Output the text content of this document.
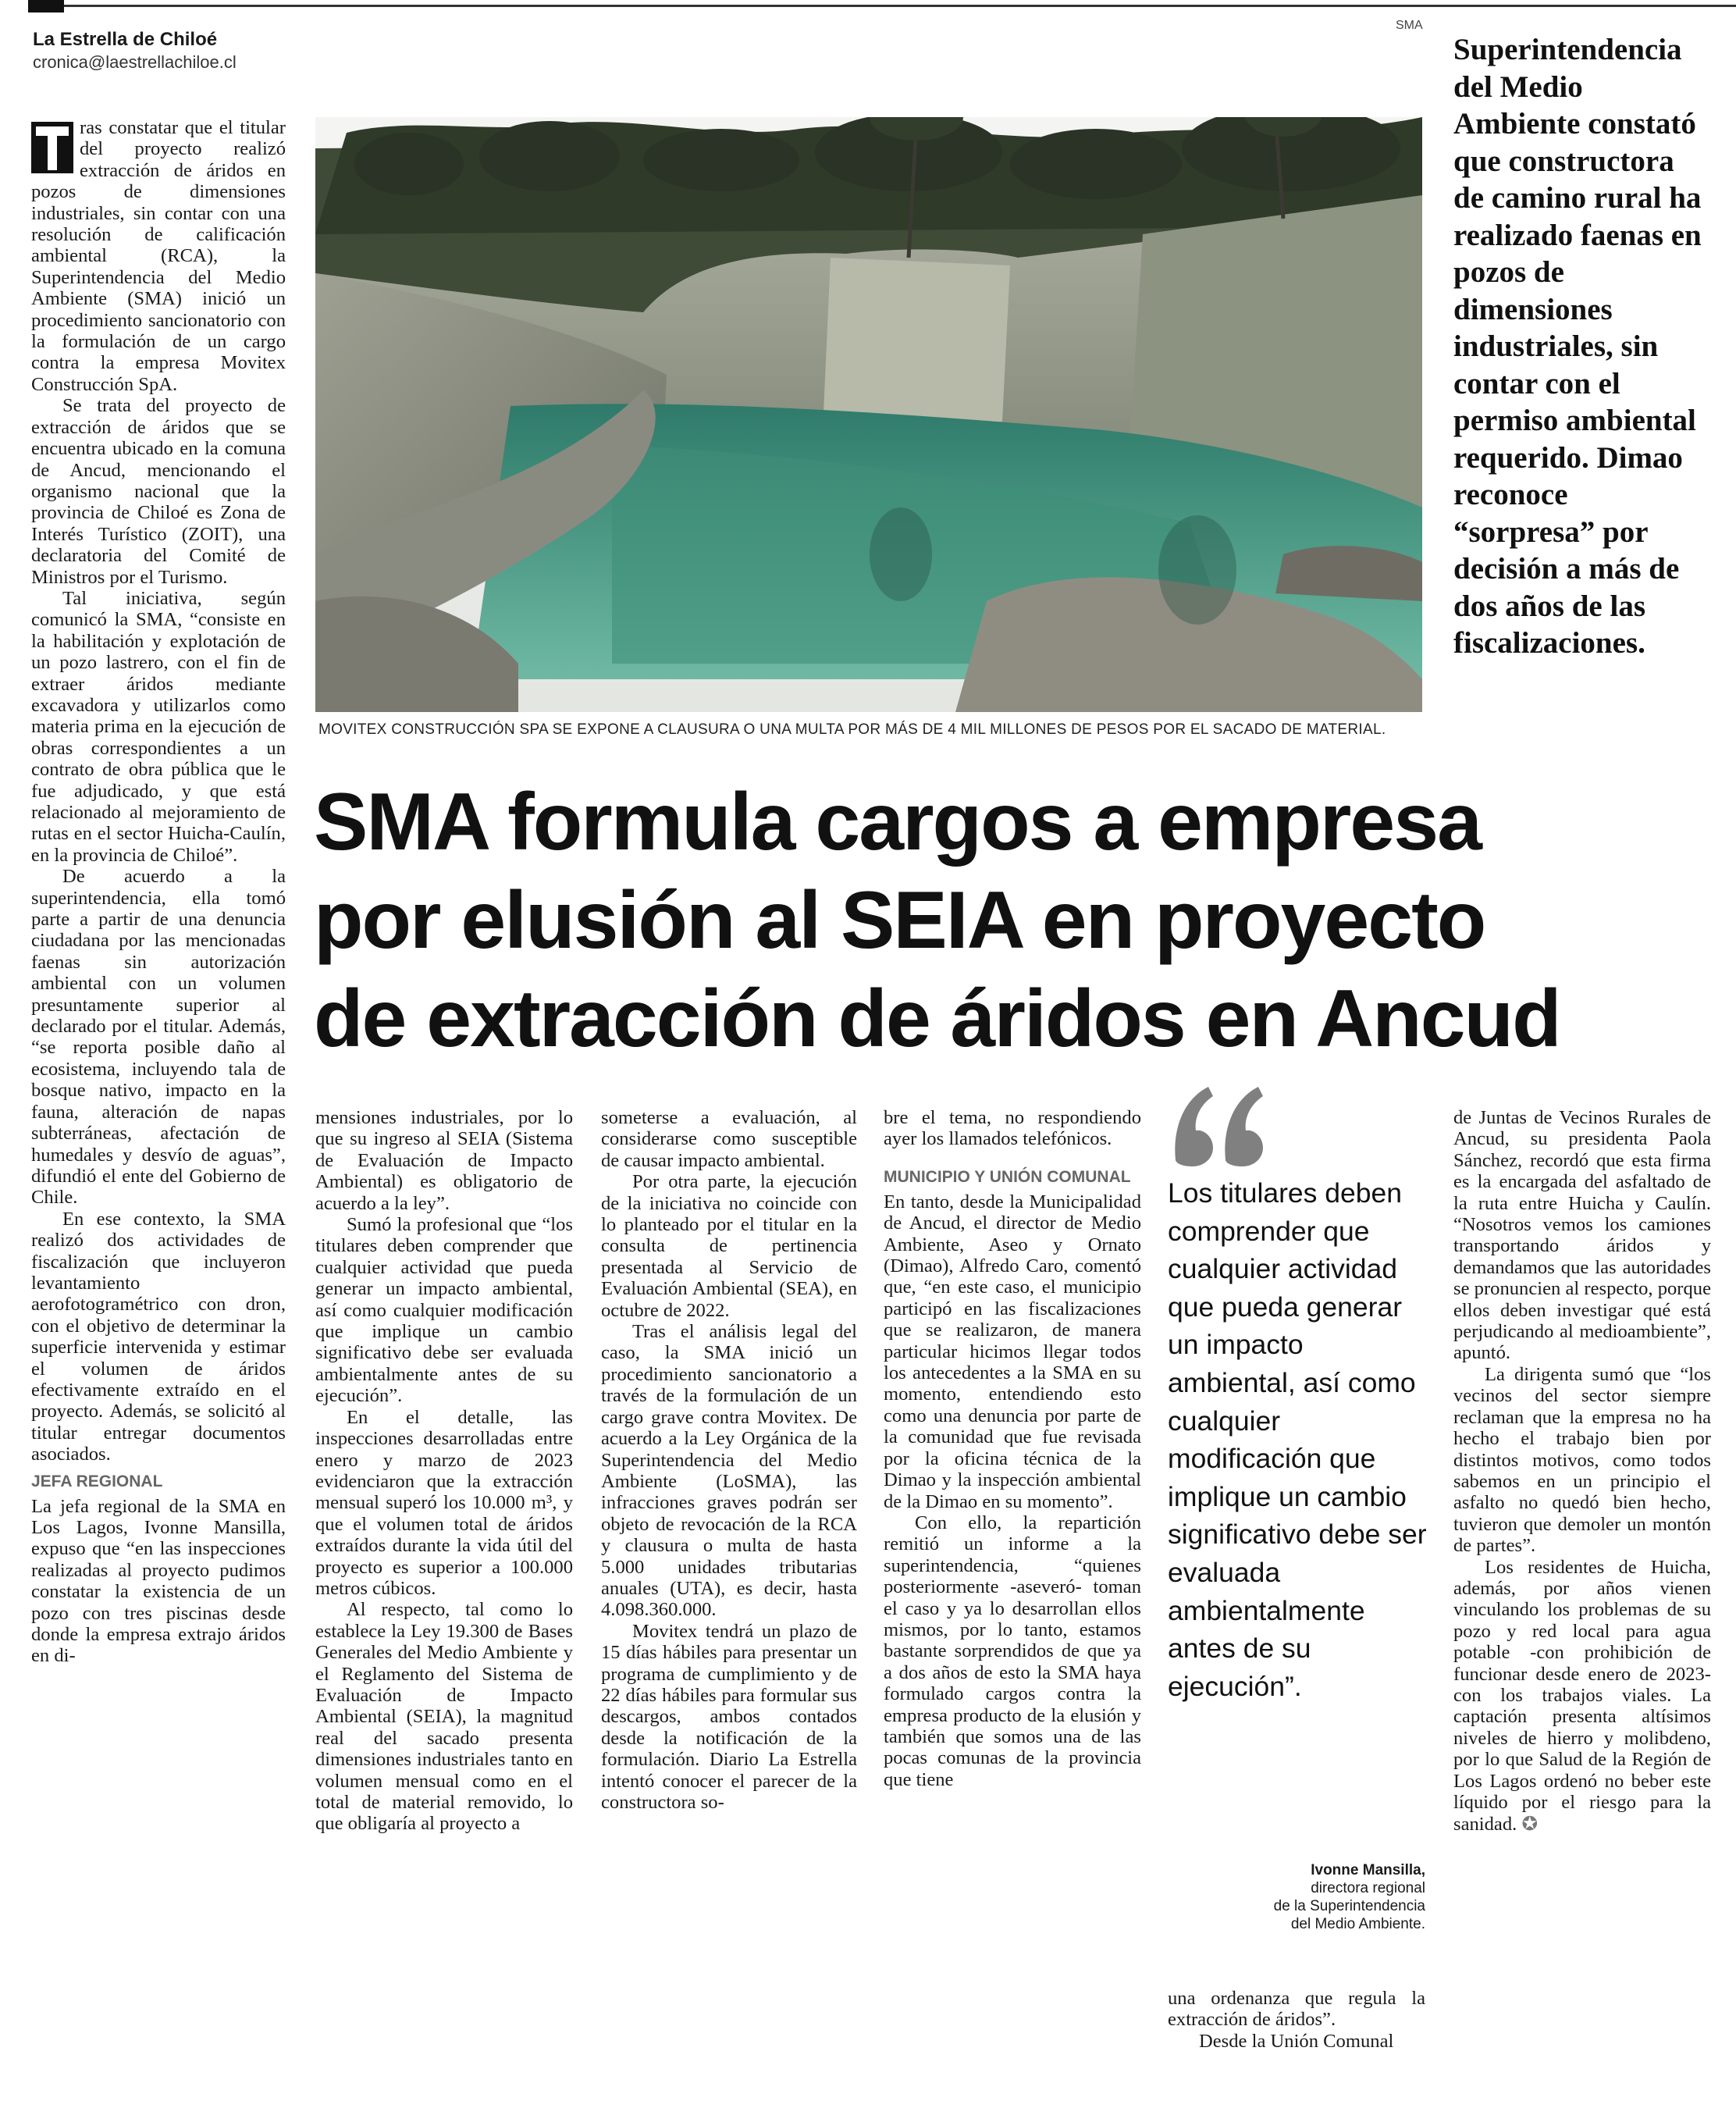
La Estrella de Chiloé
cronica@laestrellachiloe.cl
SMA
MOVITEX CONSTRUCCIÓN SPA SE EXPONE A CLAUSURA O UNA MULTA POR MÁS DE 4 MIL MILLONES DE PESOS POR EL SACADO DE MATERIAL.
Superintendencia del Medio Ambiente constató que constructora de camino rural ha realizado faenas en pozos de dimensiones industriales, sin contar con el permiso ambiental requerido. Dimao reconoce “sorpresa” por decisión a más de dos años de las fiscalizaciones.
SMA formula cargos a empresa
por elusión al SEIA en proyecto
de extracción de áridos en Ancud

ras constatar que el titular del proyecto realizó extracción de áridos en pozos de dimensiones industriales, sin contar con una resolución de calificación ambiental (RCA), la Superintendencia del Medio Ambiente (SMA) inició un procedimiento sancionatorio con la formulación de un cargo contra la empresa Movitex Construcción SpA.

Se trata del proyecto de extracción de áridos que se encuentra ubicado en la comuna de Ancud, mencionando el organismo nacional que la provincia de Chiloé es Zona de Interés Turístico (ZOIT), una declaratoria del Comité de Ministros por el Turismo.

Tal iniciativa, según comunicó la SMA, “consiste en la habilitación y explotación de un pozo lastrero, con el fin de extraer áridos mediante excavadora y utilizarlos como materia prima en la ejecución de obras correspondientes a un contrato de obra pública que le fue adjudicado, y que está relacionado al mejoramiento de rutas en el sector Huicha-Caulín, en la provincia de Chiloé”.

De acuerdo a la superintendencia, ella tomó parte a partir de una denuncia ciudadana por las mencionadas faenas sin autorización ambiental con un volumen presuntamente superior al declarado por el titular. Además, “se reporta posible daño al ecosistema, incluyendo tala de bosque nativo, impacto en la fauna, alteración de napas subterráneas, afectación de humedales y desvío de aguas”, difundió el ente del Gobierno de Chile.

En ese contexto, la SMA realizó dos actividades de fiscalización que incluyeron levantamiento aerofotogramétrico con dron, con el objetivo de determinar la superficie intervenida y estimar el volumen de áridos efectivamente extraído en el proyecto. Además, se solicitó al titular entregar documentos asociados.

JEFA REGIONAL

La jefa regional de la SMA en Los Lagos, Ivonne Mansilla, expuso que “en las inspecciones realizadas al proyecto pudimos constatar la existencia de un pozo con tres piscinas desde donde la empresa extrajo áridos en di-

mensiones industriales, por lo que su ingreso al SEIA (Sistema de Evaluación de Impacto Ambiental) es obligatorio de acuerdo a la ley”.

Sumó la profesional que “los titulares deben comprender que cualquier actividad que pueda generar un impacto ambiental, así como cualquier modificación que implique un cambio significativo debe ser evaluada ambientalmente antes de su ejecución”.

En el detalle, las inspecciones desarrolladas entre enero y marzo de 2023 evidenciaron que la extracción mensual superó los 10.000 m³, y que el volumen total de áridos extraídos durante la vida útil del proyecto es superior a 100.000 metros cúbicos.

Al respecto, tal como lo establece la Ley 19.300 de Bases Generales del Medio Ambiente y el Reglamento del Sistema de Evaluación de Impacto Ambiental (SEIA), la magnitud real del sacado presenta dimensiones industriales tanto en volumen mensual como en el total de material removido, lo que obligaría al proyecto a

someterse a evaluación, al considerarse como susceptible de causar impacto ambiental.

Por otra parte, la ejecución de la iniciativa no coincide con lo planteado por el titular en la consulta de pertinencia presentada al Servicio de Evaluación Ambiental (SEA), en octubre de 2022.

Tras el análisis legal del caso, la SMA inició un procedimiento sancionatorio a través de la formulación de un cargo grave contra Movitex. De acuerdo a la Ley Orgánica de la Superintendencia del Medio Ambiente (LoSMA), las infracciones graves podrán ser objeto de revocación de la RCA y clausura o multa de hasta 5.000 unidades tributarias anuales (UTA), es decir, hasta 4.098.360.000.

Movitex tendrá un plazo de 15 días hábiles para presentar un programa de cumplimiento y de 22 días hábiles para formular sus descargos, ambos contados desde la notificación de la formulación. Diario La Estrella intentó conocer el parecer de la constructora so-

bre el tema, no respondiendo ayer los llamados telefónicos.

MUNICIPIO Y UNIÓN COMUNAL

En tanto, desde la Municipalidad de Ancud, el director de Medio Ambiente, Aseo y Ornato (Dimao), Alfredo Caro, comentó que, “en este caso, el municipio participó en las fiscalizaciones que se realizaron, de manera particular hicimos llegar todos los antecedentes a la SMA en su momento, entendiendo esto como una denuncia por parte de la comunidad que fue revisada por la oficina técnica de la Dimao y la inspección ambiental de la Dimao en su momento”.

Con ello, la repartición remitió un informe a la superintendencia, “quienes posteriormente -aseveró- toman el caso y ya lo desarrollan ellos mismos, por lo tanto, estamos bastante sorprendidos de que ya a dos años de esto la SMA haya formulado cargos contra la empresa producto de la elusión y también que somos una de las pocas comunas de la provincia que tiene

Los titulares deben comprender que cualquier actividad que pueda generar un impacto ambiental, así como cualquier modificación que implique un cambio significativo debe ser evaluada ambientalmente antes de su ejecución”.
Ivonne Mansilla,
directora regional
de la Superintendencia
del Medio Ambiente.

una ordenanza que regula la extracción de áridos”.

Desde la Unión Comunal

de Juntas de Vecinos Rurales de Ancud, su presidenta Paola Sánchez, recordó que esta firma es la encargada del asfaltado de la ruta entre Huicha y Caulín. “Nosotros vemos los camiones transportando áridos y demandamos que las autoridades se pronuncien al respecto, porque ellos deben investigar qué está perjudicando al medioambiente”, apuntó.

La dirigenta sumó que “los vecinos del sector siempre reclaman que la empresa no ha hecho el trabajo bien por distintos motivos, como todos sabemos en un principio el asfalto no quedó bien hecho, tuvieron que demoler un montón de partes”.

Los residentes de Huicha, además, por años vienen vinculando los problemas de su pozo y red local para agua potable -con prohibición de funcionar desde enero de 2023- con los trabajos viales. La captación presenta altísimos niveles de hierro y molibdeno, por lo que Salud de la Región de Los Lagos ordenó no beber este líquido por el riesgo para la sanidad. ✪
